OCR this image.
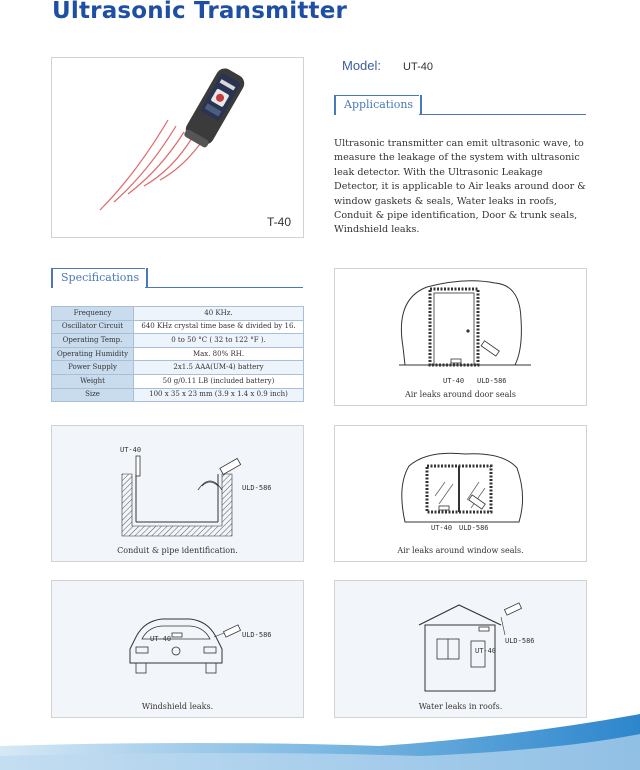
Ultrasonic Transmitter
T-40
Model: UT-40
Applications
Ultrasonic transmitter can emit ultrasonic wave, to measure the leakage of the system with ultrasonic leak detector. With the Ultrasonic Leakage Detector, it is applicable to Air leaks around door & window gaskets & seals, Water leaks in roofs, Conduit & pipe identification, Door & trunk seals, Windshield leaks.
Specifications
Frequency	40 KHz.
Oscillator Circuit	640 KHz crystal time base & divided by 16.
Operating Temp.	0 to 50 °C ( 32 to 122 °F ).
Operating Humidity	Max. 80% RH.
Power Supply	2x1.5 AAA(UM-4) battery
Weight	50 g/0.11 LB (included battery)
Size	100 x 35 x 23 mm (3.9 x 1.4 x 0.9 inch)
UT-40 ULD-586
Air leaks around door seals
UT-40
ULD-586
Conduit & pipe identification.
UT-40 ULD-586
Air leaks around window seals.
UT-40	ULD-586
Windshield leaks.
ULD-586
UT-40
Water leaks in roofs.
